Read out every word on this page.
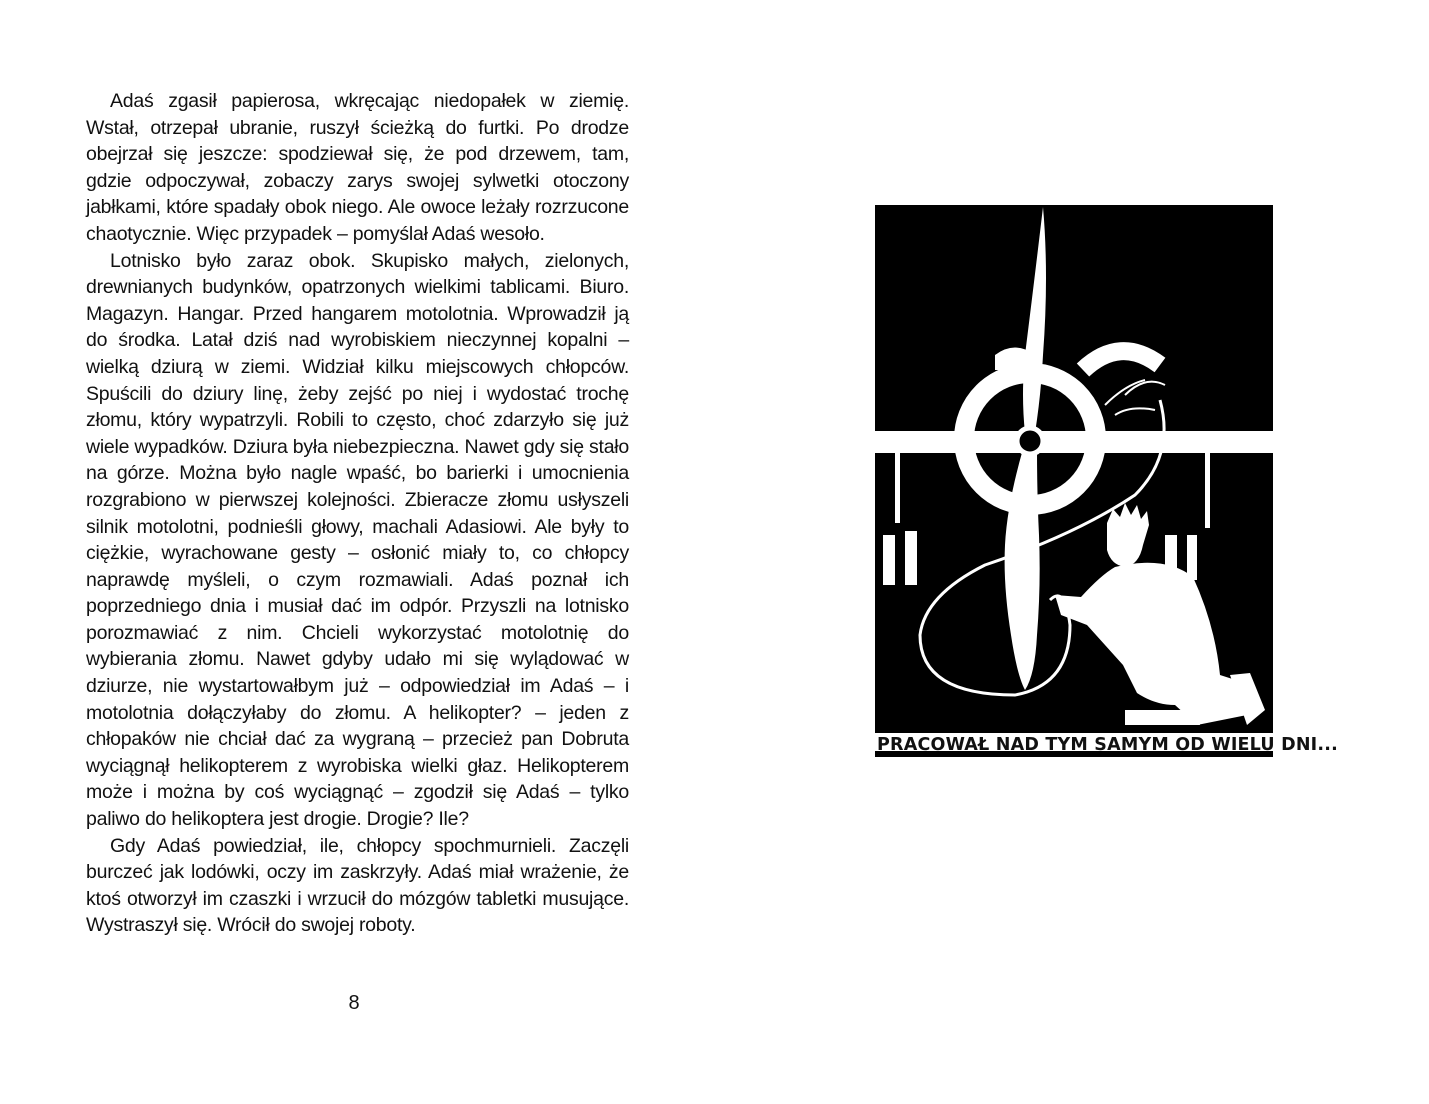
Adaś zgasił papierosa, wkręcając niedopałek w ziemię. Wstał, otrzepał ubranie, ruszył ścieżką do furtki. Po drodze obejrzał się jeszcze: spodziewał się, że pod drzewem, tam, gdzie odpoczywał, zobaczy zarys swojej sylwetki otoczony jabłkami, które spadały obok niego. Ale owoce leżały rozrzucone chaotycznie. Więc przypadek – pomyślał Adaś wesoło.

Lotnisko było zaraz obok. Skupisko małych, zielonych, drewnianych budynków, opatrzonych wielkimi tablicami. Biuro. Magazyn. Hangar. Przed hangarem motolotnia. Wprowadził ją do środka. Latał dziś nad wyrobiskiem nieczynnej kopalni – wielką dziurą w ziemi. Widział kilku miejscowych chłopców. Spuścili do dziury linę, żeby zejść po niej i wydostać trochę złomu, który wypatrzyli. Robili to często, choć zdarzyło się już wiele wypadków. Dziura była niebezpieczna. Nawet gdy się stało na górze. Można było nagle wpaść, bo barierki i umocnienia rozgrabiono w pierwszej kolejności. Zbieracze złomu usłyszeli silnik motolotni, podnieśli głowy, machali Adasiowi. Ale były to ciężkie, wyrachowane gesty – osłonić miały to, co chłopcy naprawdę myśleli, o czym rozmawiali. Adaś poznał ich poprzedniego dnia i musiał dać im odpór. Przyszli na lotnisko porozmawiać z nim. Chcieli wykorzystać motolotnię do wybierania złomu. Nawet gdyby udało mi się wylądować w dziurze, nie wystartowałbym już – odpowiedział im Adaś – i motolotnia dołączyłaby do złomu. A helikopter? – jeden z chłopaków nie chciał dać za wygraną – przecież pan Dobruta wyciągnął helikopterem z wyrobiska wielki głaz. Helikopterem może i można by coś wyciągnąć – zgodził się Adaś – tylko paliwo do helikoptera jest drogie. Drogie? Ile?

Gdy Adaś powiedział, ile, chłopcy spochmurnieli. Zaczęli burczeć jak lodówki, oczy im zaskrzyły. Adaś miał wrażenie, że ktoś otworzył im czaszki i wrzucił do mózgów tabletki musujące. Wystraszył się. Wrócił do swojej roboty.

8
PRACOWAŁ NAD TYM SAMYM OD WIELU DNI...
